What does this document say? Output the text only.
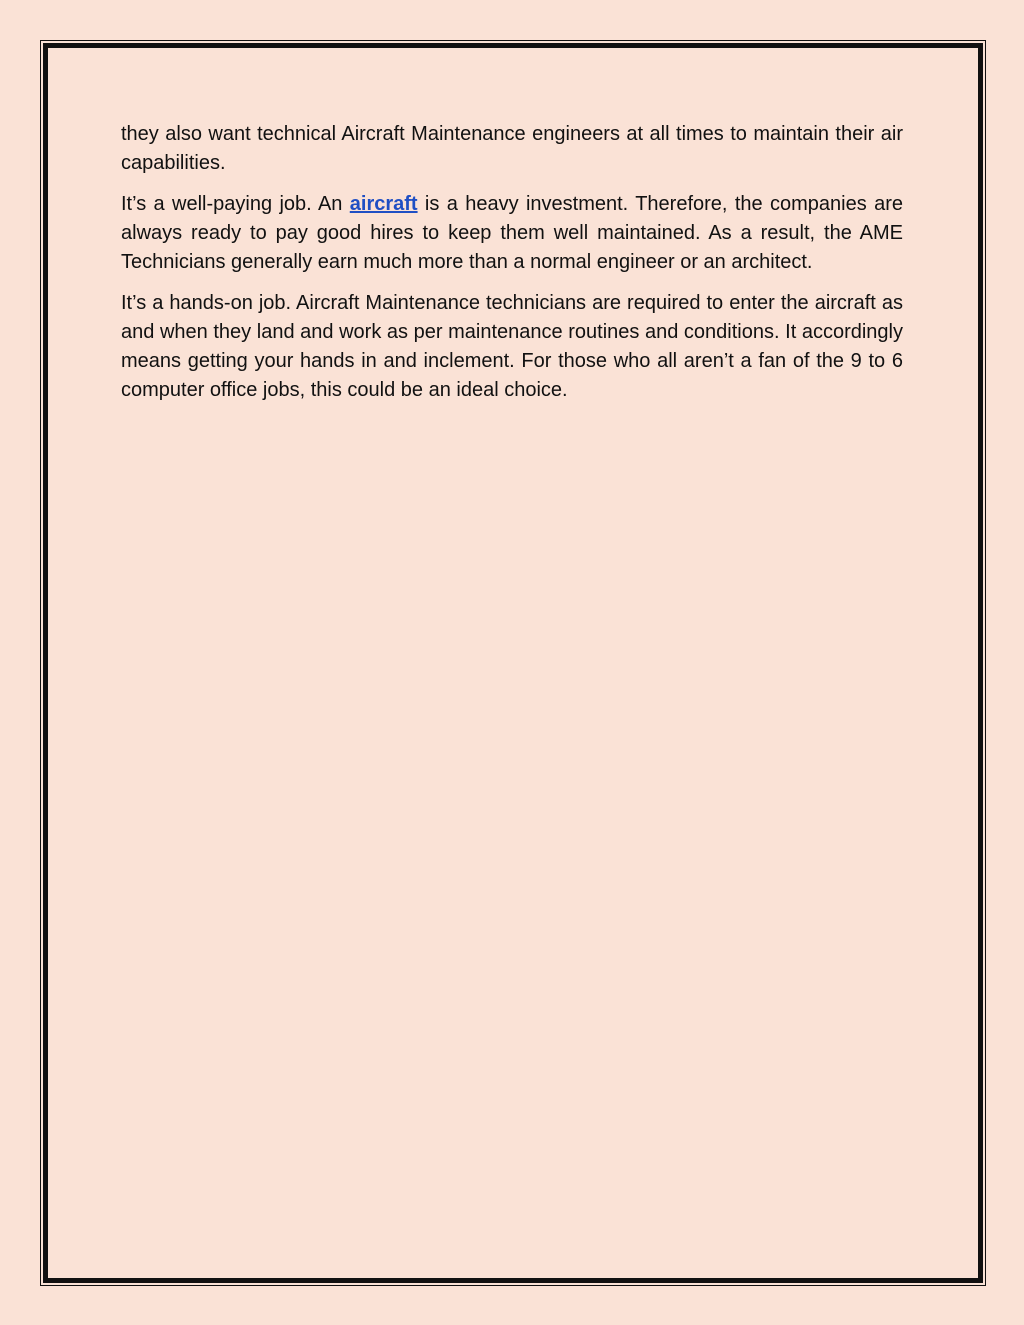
they also want technical Aircraft Maintenance engineers at all times to maintain their air capabilities.

It’s a well-paying job. An aircraft is a heavy investment. Therefore, the companies are always ready to pay good hires to keep them well maintained. As a result, the AME Technicians generally earn much more than a normal engineer or an architect.

It’s a hands-on job. Aircraft Maintenance technicians are required to enter the aircraft as and when they land and work as per maintenance routines and conditions. It accordingly means getting your hands in and inclement. For those who all aren’t a fan of the 9 to 6 computer office jobs, this could be an ideal choice.
